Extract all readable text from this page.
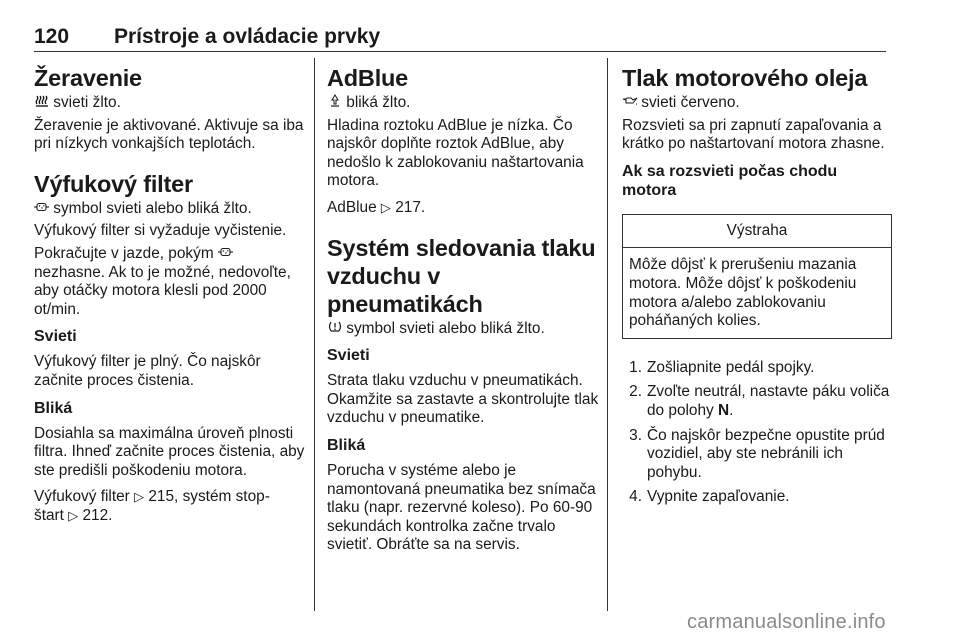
120 Prístroje a ovládacie prvky
Žeravenie

svieti žlto.

Žeravenie je aktivované. Aktivuje sa iba pri nízkych vonkajších teplotách.

Výfukový filter

symbol svieti alebo bliká žlto.

Výfukový filter si vyžaduje vyčistenie.

Pokračujte v jazde, pokým  nezhasne. Ak to je možné, nedovoľte, aby otáčky motora klesli pod 2000 ot/min.

Svieti

Výfukový filter je plný. Čo najskôr začnite proces čistenia.

Bliká

Dosiahla sa maximálna úroveň plnosti filtra. Ihneď začnite proces čistenia, aby ste predišli poškodeniu motora.

Výfukový filter ▷ 215, systém stop-
štart ▷ 212.

AdBlue

bliká žlto.

Hladina roztoku AdBlue je nízka. Čo najskôr doplňte roztok AdBlue, aby nedošlo k zablokovaniu naštartovania motora.

AdBlue ▷ 217.

Systém sledovania tlaku vzduchu v pneumatikách

symbol svieti alebo bliká žlto.

Svieti

Strata tlaku vzduchu v pneumatikách. Okamžite sa zastavte a skontrolujte tlak vzduchu v pneumatike.

Bliká

Porucha v systéme alebo je namontovaná pneumatika bez snímača tlaku (napr. rezervné koleso). Po 60-90 sekundách kontrolka začne trvalo svietiť. Obráťte sa na servis.

Tlak motorového oleja

svieti červeno.

Rozsvieti sa pri zapnutí zapaľovania a krátko po naštartovaní motora zhasne.

Ak sa rozsvieti počas chodu motora
Výstraha
Môže dôjsť k prerušeniu mazania motora. Môže dôjsť k poškodeniu motora a/alebo zablokovaniu poháňaných kolies.
1. Zošliapnite pedál spojky.
2. Zvoľte neutrál, nastavte páku voliča do polohy N.
3. Čo najskôr bezpečne opustite prúd vozidiel, aby ste nebránili ich pohybu.
4. Vypnite zapaľovanie.
carmanualsonline.info
